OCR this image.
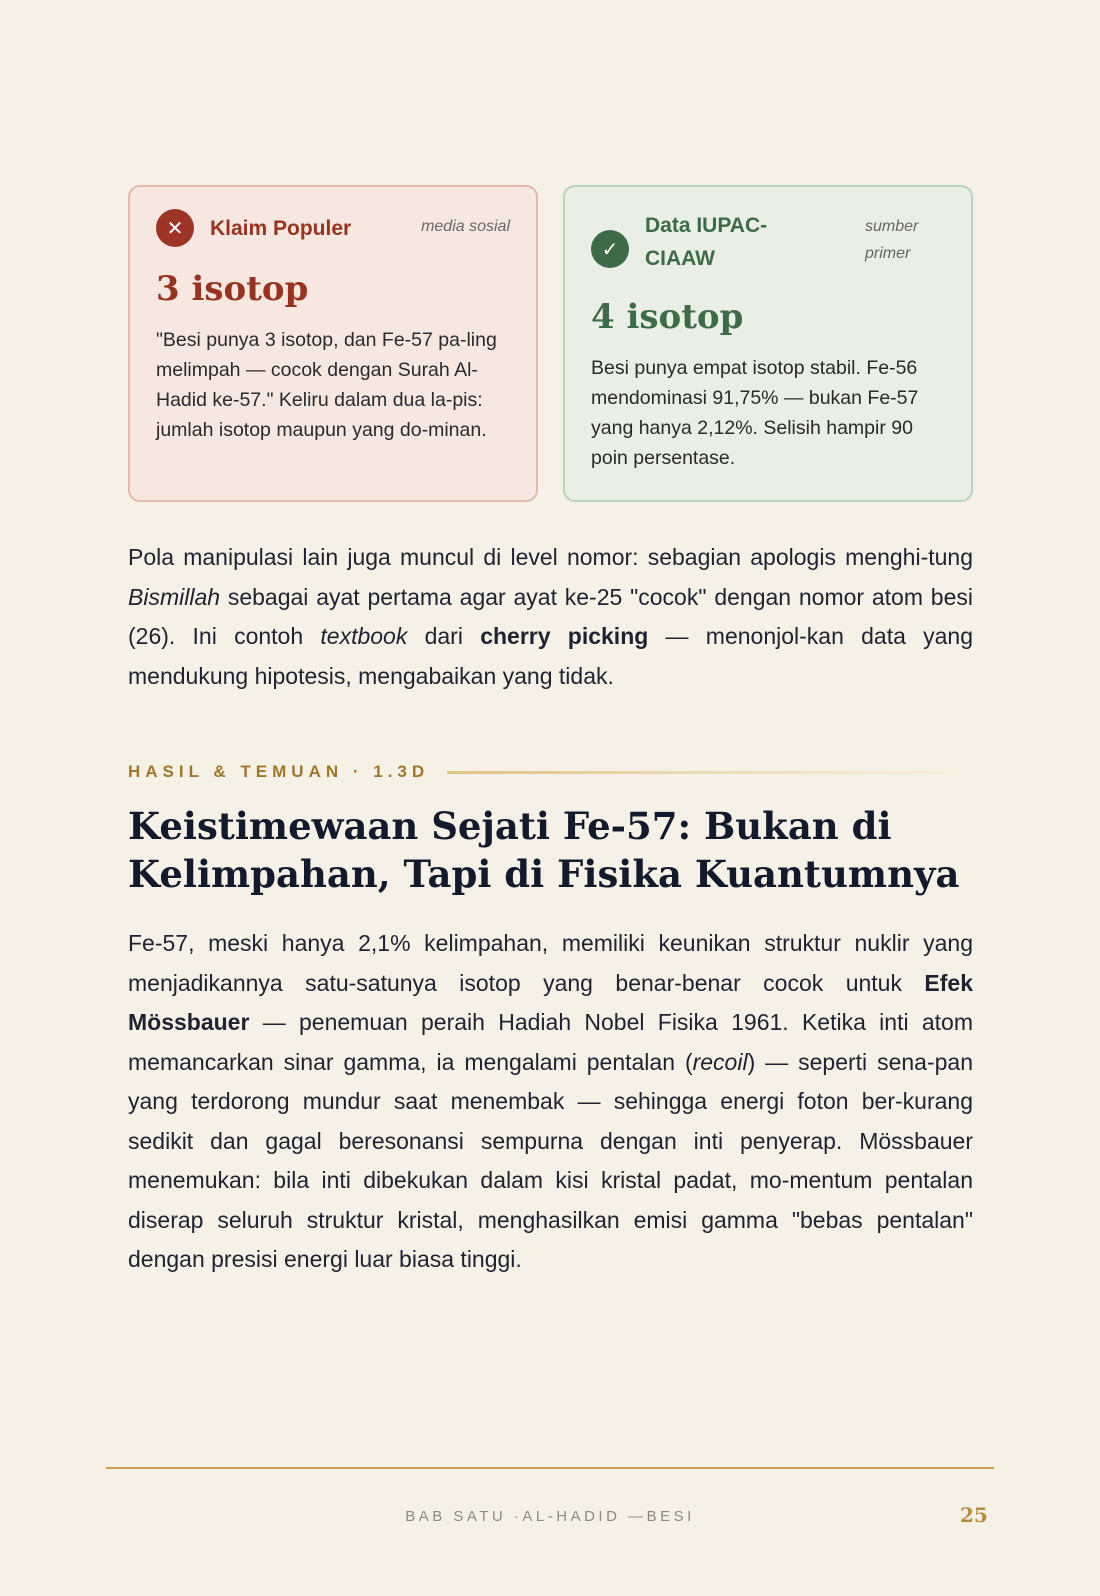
✕	Klaim Populer	media sosial
3 isotop
"Besi punya 3 isotop, dan Fe-57 pa-ling melimpah — cocok dengan Surah Al-Hadid ke-57." Keliru dalam dua la-pis: jumlah isotop maupun yang do-minan.
✓
Data IUPAC-CIAAW
sumber primer
4 isotop
Besi punya empat isotop stabil. Fe-56 mendominasi 91,75% — bukan Fe-57 yang hanya 2,12%. Selisih hampir 90 poin persentase.

Pola manipulasi lain juga muncul di level nomor: sebagian apologis menghi-tung Bismillah sebagai ayat pertama agar ayat ke-25 "cocok" dengan nomor atom besi (26). Ini contoh textbook dari cherry picking — menonjol-kan data yang mendukung hipotesis, mengabaikan yang tidak.

HASIL & TEMUAN · 1.3D
Keistimewaan Sejati Fe-57: Bukan di Kelimpahan, Tapi di Fisika Kuantumnya

Fe-57, meski hanya 2,1% kelimpahan, memiliki keunikan struktur nuklir yang menjadikannya satu-satunya isotop yang benar-benar cocok untuk Efek Mössbauer — penemuan peraih Hadiah Nobel Fisika 1961. Ketika inti atom memancarkan sinar gamma, ia mengalami pentalan (recoil) — seperti sena-pan yang terdorong mundur saat menembak — sehingga energi foton ber-kurang sedikit dan gagal beresonansi sempurna dengan inti penyerap. Mössbauer menemukan: bila inti dibekukan dalam kisi kristal padat, mo-mentum pentalan diserap seluruh struktur kristal, menghasilkan emisi gamma "bebas pentalan" dengan presisi energi luar biasa tinggi.

BAB SATU ·AL-HADID —BESI	25
